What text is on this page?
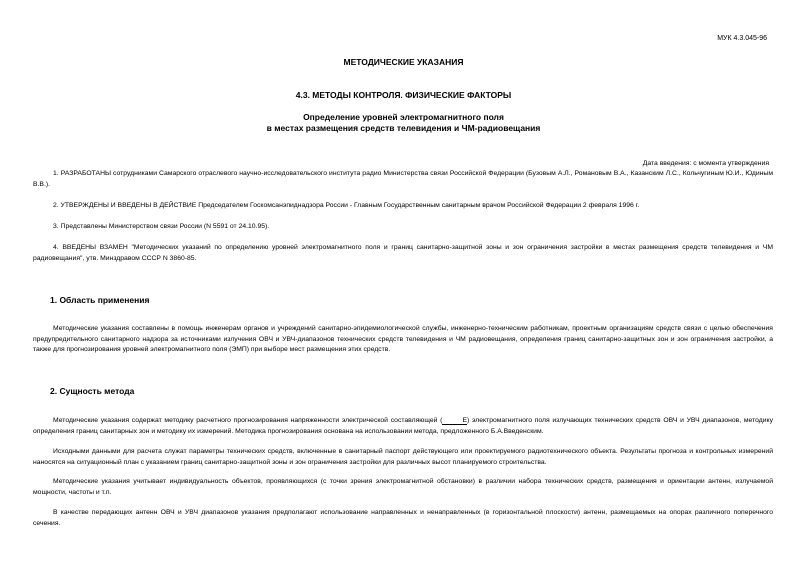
МУК 4.3.045-96
МЕТОДИЧЕСКИЕ УКАЗАНИЯ
4.3. МЕТОДЫ КОНТРОЛЯ. ФИЗИЧЕСКИЕ ФАКТОРЫ
Определение уровней электромагнитного поля
в местах размещения средств телевидения и ЧМ-радиовещания
Дата введения: с момента утверждения
1. РАЗРАБОТАНЫ сотрудниками Самарского отраслевого научно-исследовательского института радио Министерства связи Российской Федерации (Бузовым А.Л., Романовым В.А., Казанским Л.С., Кольчугиным Ю.И., Юдиным В.В.).
2. УТВЕРЖДЕНЫ И ВВЕДЕНЫ В ДЕЙСТВИЕ Председателем Госкомсанэпиднадзора России - Главным Государственным санитарным врачом Российской Федерации 2 февраля 1996 г.
3. Представлены Министерством связи России (N 5591 от 24.10.95).
4. ВВЕДЕНЫ ВЗАМЕН "Методических указаний по определению уровней электромагнитного поля и границ санитарно-защитной зоны и зон ограничения застройки в местах размещения средств телевидения и ЧМ радиовещания", утв. Минздравом СССР N 3860-85.
1. Область применения
Методические указания составлены в помощь инженерам органов и учреждений санитарно-эпидемиологической службы, инженерно-техническим работникам, проектным организациям средств связи с целью обеспечения предупредительного санитарного надзора за источниками излучения ОВЧ и УВЧ-диапазонов технических средств телевидения и ЧМ радиовещания, определения границ санитарно-защитных зон и зон ограничения застройки, а также для прогнозирования уровней электромагнитного поля (ЭМП) при выборе мест размещения этих средств.
2. Сущность метода
Методические указания содержат методику расчетного прогнозирования напряженности электрической составляющей (	E) электромагнитного поля излучающих технических средств ОВЧ и УВЧ диапазонов, методику определения границ санитарных зон и методику их измерений. Методика прогнозирования основана на использовании метода, предложенного Б.А.Введенским.
Исходными данными для расчета служат параметры технических средств, включенные в санитарный паспорт действующего или проектируемого радиотехнического объекта. Результаты прогноза и контрольных измерений наносятся на ситуационный план с указанием границ санитарно-защитной зоны и зон ограничения застройки для различных высот планируемого строительства.
Методические указания учитывает индивидуальность объектов, проявляющихся (с точки зрения электромагнитной обстановки) в различии набора технических средств, размещения и ориентации антенн, излучаемой мощности, частоты и т.п.
В качестве передающих антенн ОВЧ и УВЧ диапазонов указания предполагают использование направленных и ненаправленных (в горизонтальной плоскости) антенн, размещаемых на опорах различного поперечного сечения.
